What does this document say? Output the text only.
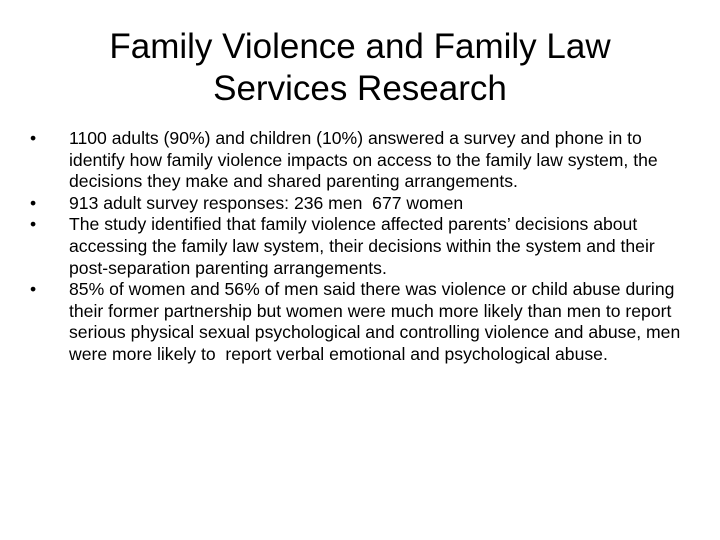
Family Violence and Family Law
Services Research
•	1100 adults (90%) and children (10%) answered a survey and phone in to identify how family violence impacts on access to the family law system, the decisions they make and shared parenting arrangements.
•	913 adult survey responses: 236 men  677 women
•	The study identified that family violence affected parents’ decisions about accessing the family law system, their decisions within the system and their post-separation parenting arrangements.
•	85% of women and 56% of men said there was violence or child abuse during their former partnership but women were much more likely than men to report serious physical sexual psychological and controlling violence and abuse, men were more likely to  report verbal emotional and psychological abuse.
